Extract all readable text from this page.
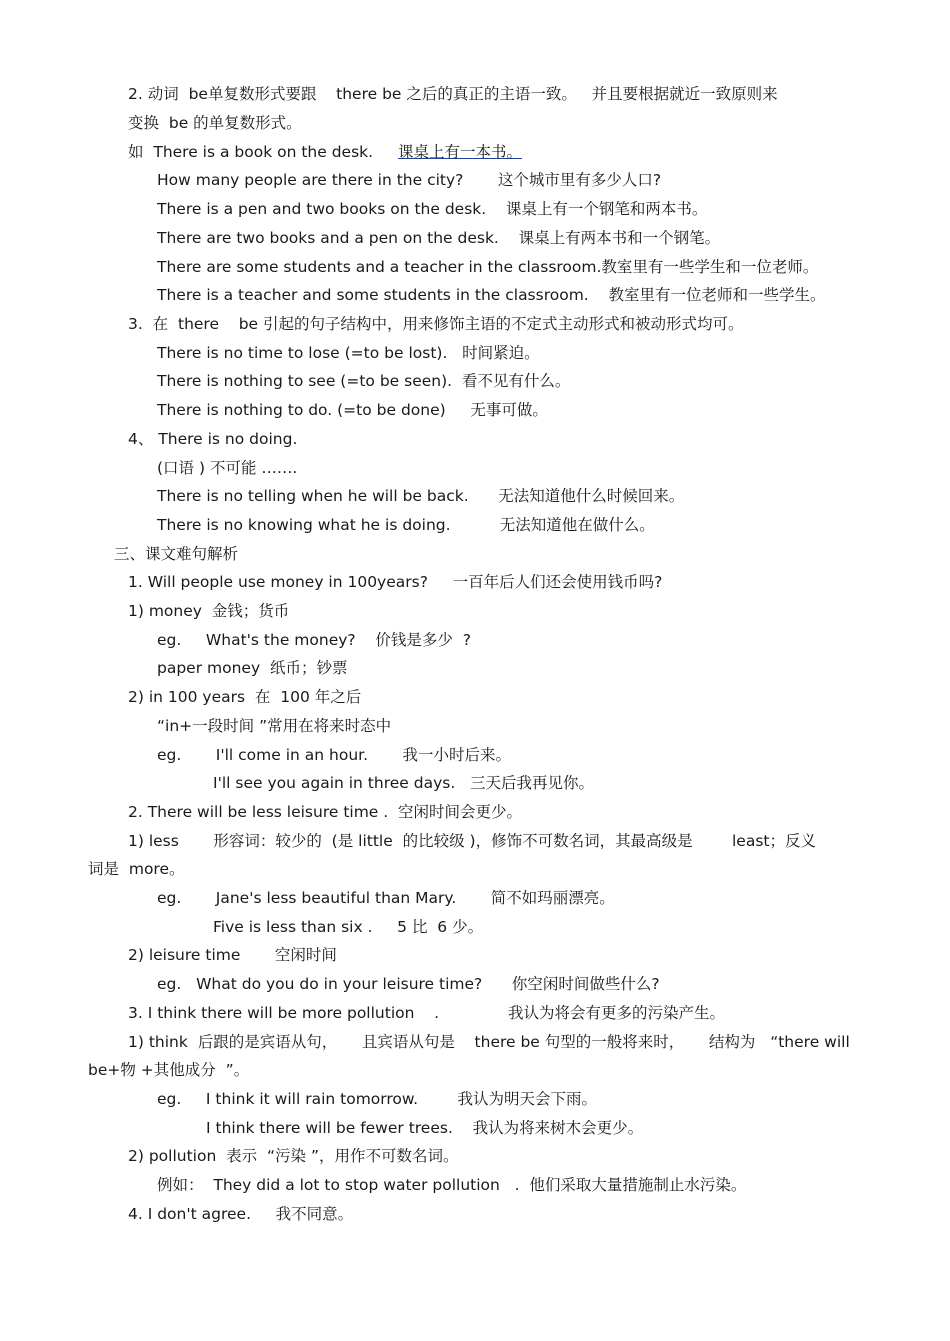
2. 动词  be单复数形式要跟    there be 之后的真正的主语一致。   并且要根据就近一致原则来
变换  be 的单复数形式。
如  There is a book on the desk. 课桌上有一本书。
How many people are there in the city?       这个城市里有多少人口?
There is a pen and two books on the desk.    课桌上有一个钢笔和两本书。
There are two books and a pen on the desk.    课桌上有两本书和一个钢笔。
There are some students and a teacher in the classroom.教室里有一些学生和一位老师。
There is a teacher and some students in the classroom.    教室里有一位老师和一些学生。
3.  在  there    be 引起的句子结构中，用来修饰主语的不定式主动形式和被动形式均可。
There is no time to lose (=to be lost).   时间紧迫。
There is nothing to see (=to be seen).  看不见有什么。
There is nothing to do. (=to be done)     无事可做。
4、 There is no doing.
(口语 ) 不可能 …….
There is no telling when he will be back.      无法知道他什么时候回来。
There is no knowing what he is doing.          无法知道他在做什么。
三、课文难句解析
1. Will people use money in 100years?     一百年后人们还会使用钱币吗?
1) money  金钱；货币
eg.     What's the money?    价钱是多少  ?
paper money  纸币；钞票
2) in 100 years  在  100 年之后
“in+一段时间 ”常用在将来时态中
eg.       I'll come in an hour.       我一小时后来。
I'll see you again in three days.   三天后我再见你。
2. There will be less leisure time .  空闲时间会更少。
1) less       形容词：较少的  (是 little  的比较级 )，修饰不可数名词，其最高级是        least；反义
词是  more。
eg.       Jane's less beautiful than Mary.       简不如玛丽漂亮。
Five is less than six .     5 比  6 少。
2) leisure time       空闲时间
eg.   What do you do in your leisure time?      你空闲时间做些什么?
3. I think there will be more pollution    .              我认为将会有更多的污染产生。
1) think  后跟的是宾语从句，     且宾语从句是    there be 句型的一般将来时，     结构为   “there will
be+物 +其他成分  ”。
eg.     I think it will rain tomorrow.        我认为明天会下雨。
I think there will be fewer trees.    我认为将来树木会更少。
2) pollution  表示  “污染 ”，用作不可数名词。
例如：  They did a lot to stop water pollution   .  他们采取大量措施制止水污染。
4. I don't agree.     我不同意。
